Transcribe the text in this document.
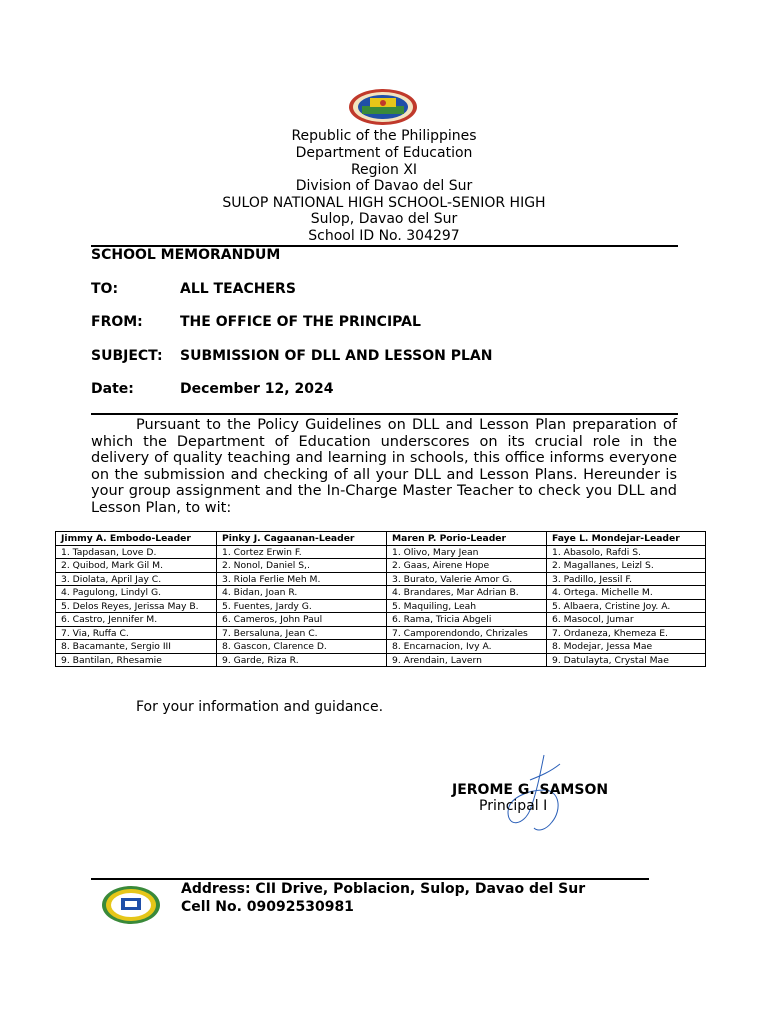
Republic of the Philippines
Department of Education
Region XI
Division of Davao del Sur
SULOP NATIONAL HIGH SCHOOL-SENIOR HIGH
Sulop, Davao del Sur
School ID No. 304297
SCHOOL MEMORANDUM
TO:	ALL TEACHERS
FROM:	THE OFFICE OF THE PRINCIPAL
SUBJECT: SUBMISSION OF DLL AND LESSON PLAN
Date:	December 12, 2024
Pursuant to the Policy Guidelines on DLL and Lesson Plan preparation of which the Department of Education underscores on its crucial role in the delivery of quality teaching and learning in schools, this office informs everyone on the submission and checking of all your DLL and Lesson Plans. Hereunder is your group assignment and the In-Charge Master Teacher to check you DLL and Lesson Plan, to wit:
Jimmy A. Embodo-Leader	Pinky J. Cagaanan-Leader	Maren P. Porio-Leader	Faye L. Mondejar-Leader
1. Tapdasan, Love D.	1. Cortez Erwin F.	1. Olivo, Mary Jean	1. Abasolo, Rafdi S.
2. Quibod, Mark Gil M.	2. Nonol, Daniel S,.	2. Gaas, Airene Hope	2. Magallanes, Leizl S.
3. Diolata, April Jay C.	3. Riola Ferlie Meh M.	3. Burato, Valerie Amor G.	3. Padillo, Jessil F.
4. Pagulong, Lindyl G.	4. Bidan, Joan R.	4. Brandares, Mar Adrian B.	4. Ortega. Michelle M.
5. Delos Reyes, Jerissa May B.	5. Fuentes, Jardy G.	5. Maquiling, Leah	5. Albaera, Cristine Joy. A.
6. Castro, Jennifer M.	6. Cameros, John Paul	6. Rama, Tricia Abgeli	6. Masocol, Jumar
7. Via, Ruffa C.	7. Bersaluna, Jean C.	7. Camporendondo, Chrizales	7. Ordaneza, Khemeza E.
8. Bacamante, Sergio III	8. Gascon, Clarence D.	8. Encarnacion, Ivy A.	8. Modejar, Jessa Mae
9. Bantilan, Rhesamie	9. Garde, Riza R.	9. Arendain, Lavern	9. Datulayta, Crystal Mae
For your information and guidance.
JEROME G. SAMSON
Principal I
Address: CII Drive, Poblacion, Sulop, Davao del Sur
Cell No. 09092530981
